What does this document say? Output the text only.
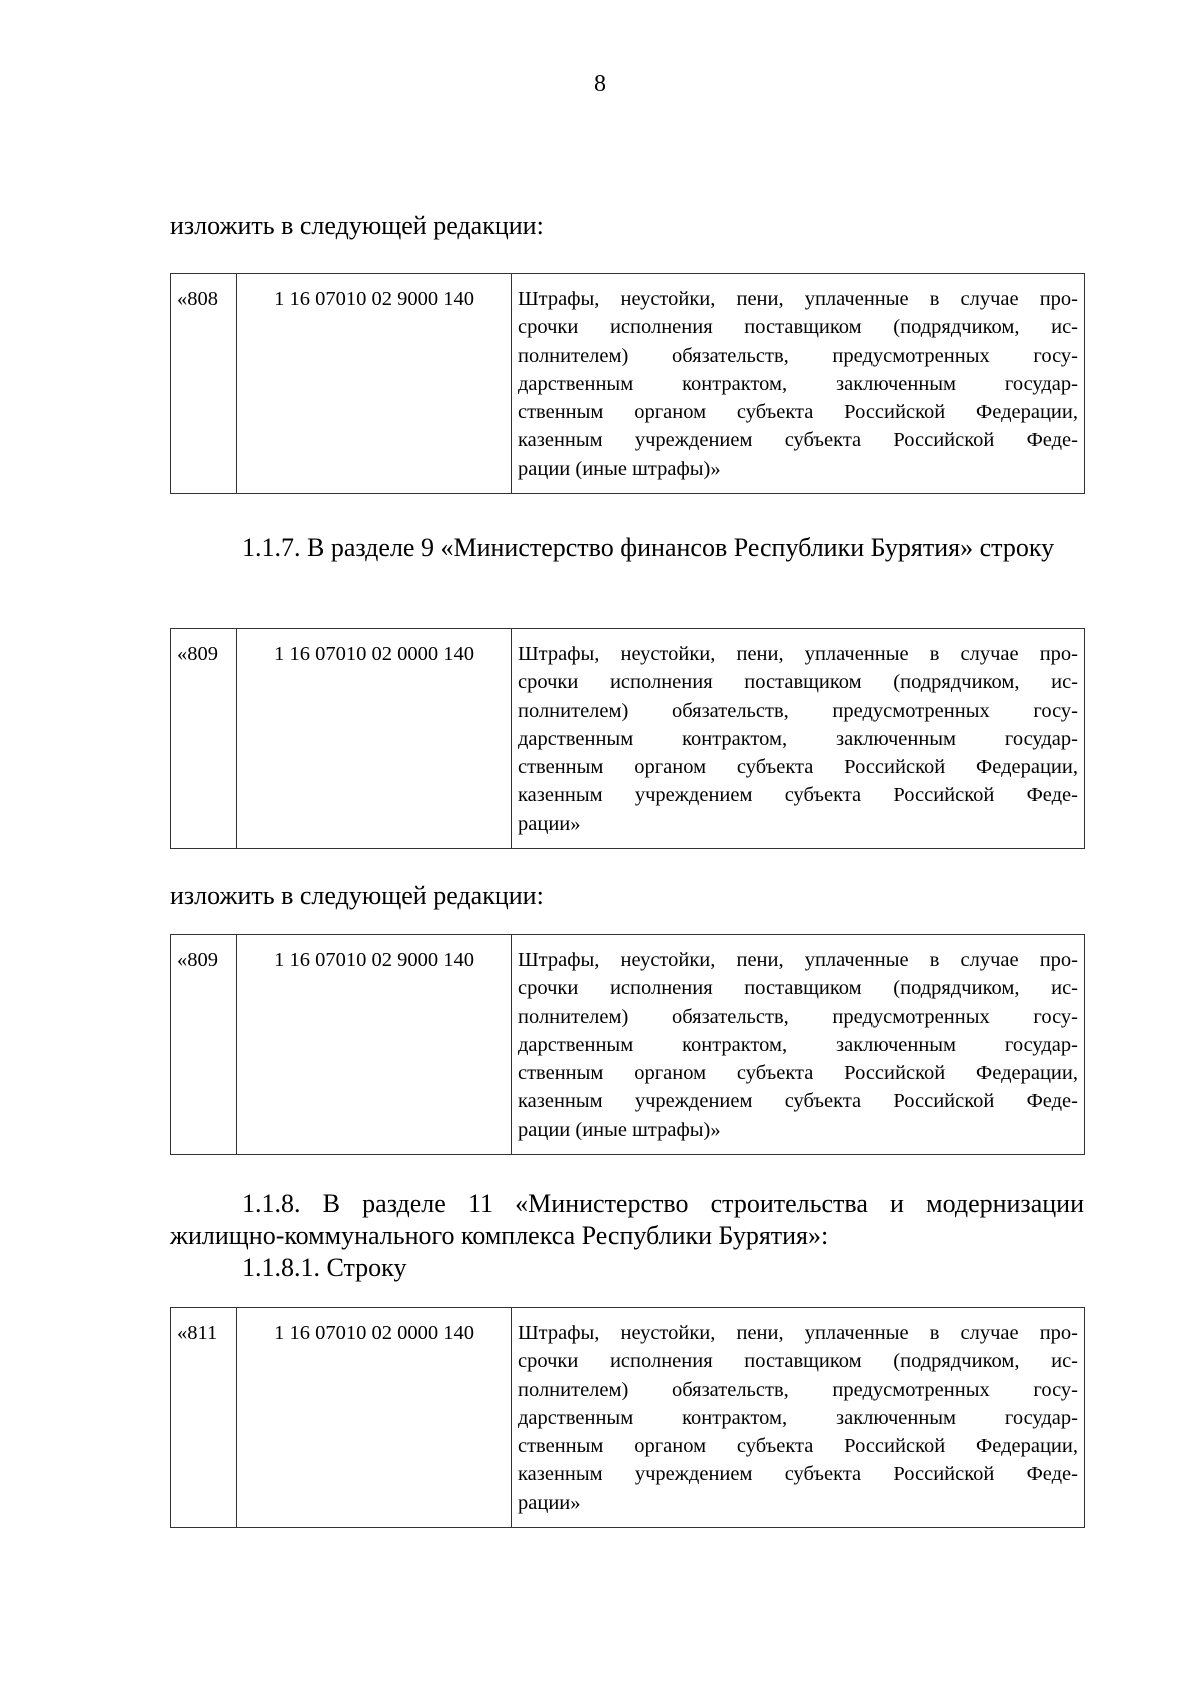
8

изложить в следующей редакции:

«808	1 16 07010 02 9000 140	Штрафы, неустойки, пени, уплаченные в случае про-
срочки исполнения поставщиком (подрядчиком, ис-
полнителем) обязательств, предусмотренных госу-
дарственным контрактом, заключенным государ-
ственным органом субъекта Российской Федерации,
казенным учреждением субъекта Российской Феде-
рации (иные штрафы)»

1.1.7. В разделе 9 «Министерство финансов Республики Бурятия» строку

«809	1 16 07010 02 0000 140	Штрафы, неустойки, пени, уплаченные в случае про-
срочки исполнения поставщиком (подрядчиком, ис-
полнителем) обязательств, предусмотренных госу-
дарственным контрактом, заключенным государ-
ственным органом субъекта Российской Федерации,
казенным учреждением субъекта Российской Феде-
рации»

изложить в следующей редакции:

«809	1 16 07010 02 9000 140	Штрафы, неустойки, пени, уплаченные в случае про-
срочки исполнения поставщиком (подрядчиком, ис-
полнителем) обязательств, предусмотренных госу-
дарственным контрактом, заключенным государ-
ственным органом субъекта Российской Федерации,
казенным учреждением субъекта Российской Феде-
рации (иные штрафы)»

1.1.8. В разделе 11 «Министерство строительства и модернизации жилищно-коммунального комплекса Республики Бурятия»:

1.1.8.1. Строку

«811	1 16 07010 02 0000 140	Штрафы, неустойки, пени, уплаченные в случае про-
срочки исполнения поставщиком (подрядчиком, ис-
полнителем) обязательств, предусмотренных госу-
дарственным контрактом, заключенным государ-
ственным органом субъекта Российской Федерации,
казенным учреждением субъекта Российской Феде-
рации»
